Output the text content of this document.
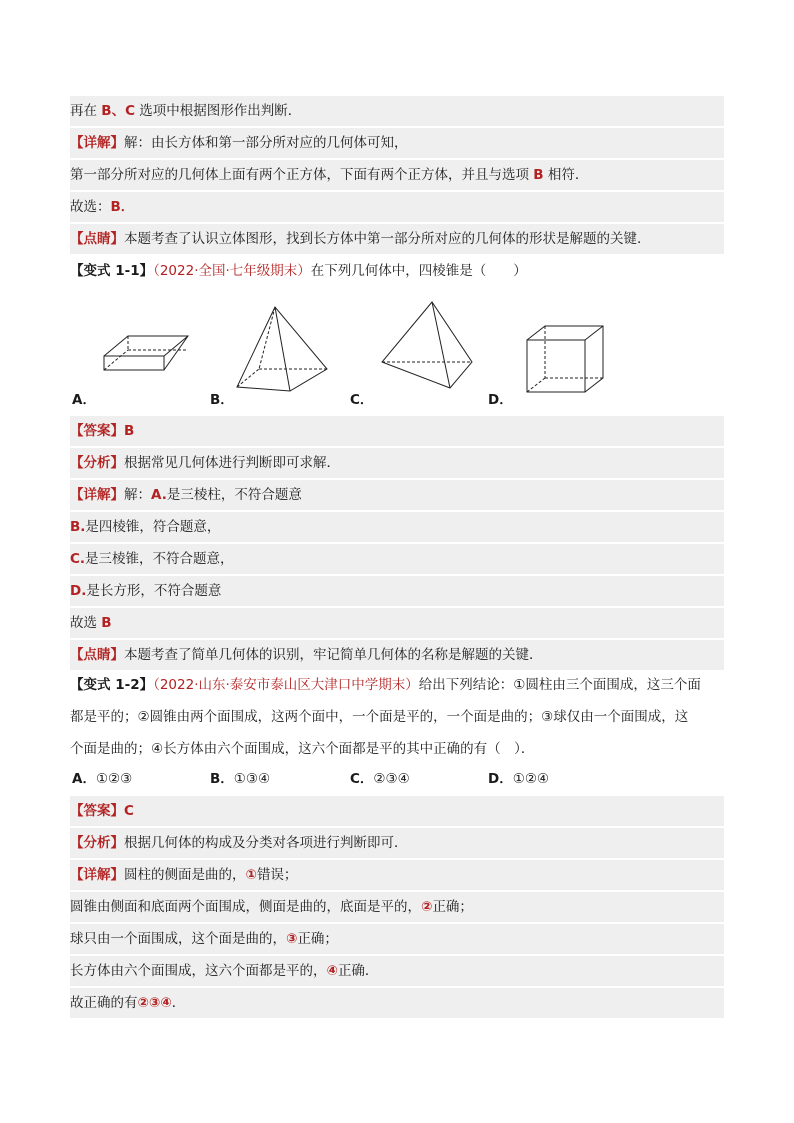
再在 B、C 选项中根据图形作出判断．
【详解】解：由长方体和第一部分所对应的几何体可知，
第一部分所对应的几何体上面有两个正方体，下面有两个正方体，并且与选项 B 相符．
故选：B．
【点睛】本题考查了认识立体图形，找到长方体中第一部分所对应的几何体的形状是解题的关键.
【变式 1-1】（2022·全国·七年级期末）在下列几何体中，四棱锥是（　　）
A．	B．	C．	D．
【答案】B
【分析】根据常见几何体进行判断即可求解．
【详解】解：A.是三棱柱，不符合题意
B.是四棱锥，符合题意，
C.是三棱锥，不符合题意，
D.是长方形，不符合题意
故选 B
【点睛】本题考查了简单几何体的识别，牢记简单几何体的名称是解题的关键．
【变式 1-2】（2022·山东·泰安市泰山区大津口中学期末）给出下列结论：①圆柱由三个面围成，这三个面
都是平的；②圆锥由两个面围成，这两个面中，一个面是平的，一个面是曲的；③球仅由一个面围成，这
个面是曲的；④长方体由六个面围成，这六个面都是平的其中正确的有（　）．
A．①②③	B．①③④	C．②③④	D．①②④
【答案】C
【分析】根据几何体的构成及分类对各项进行判断即可．
【详解】圆柱的侧面是曲的，①错误；
圆锥由侧面和底面两个面围成，侧面是曲的，底面是平的，②正确；
球只由一个面围成，这个面是曲的，③正确；
长方体由六个面围成，这六个面都是平的，④正确．
故正确的有②③④．
